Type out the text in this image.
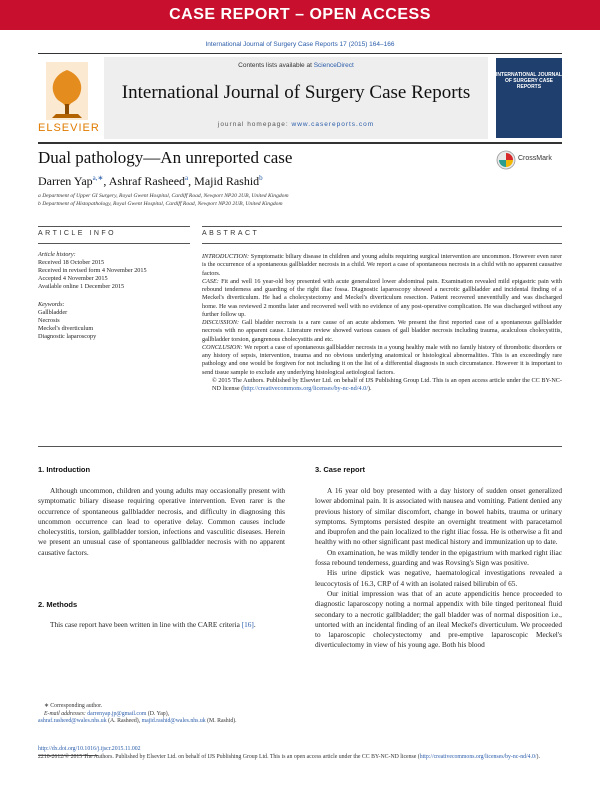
CASE REPORT – OPEN ACCESS
International Journal of Surgery Case Reports 17 (2015) 164–166
ELSEVIER
Contents lists available at ScienceDirect
International Journal of Surgery Case Reports
journal homepage: www.casereports.com
INTERNATIONAL JOURNAL OF SURGERY CASE REPORTS
Dual pathology—An unreported case	CrossMark
Darren Yap$^{a,∗}$, Ashraf Rasheed$^a$, Majid Rashid$^b$
a Department of Upper GI Surgery, Royal Gwent Hospital, Cardiff Road, Newport NP20 2UB, United Kingdom
b Department of Histopathology, Royal Gwent Hospital, Cardiff Road, Newport NP20 2UB, United Kingdom
ARTICLE INFO	ABSTRACT
Article history:
Received 18 October 2015
Received in revised form 4 November 2015
Accepted 4 November 2015
Available online 1 December 2015
Keywords:
Gallbladder
Necrosis
Meckel's diverticulum
Diagnostic laparoscopy
INTRODUCTION: Symptomatic biliary disease in children and young adults requiring surgical intervention are uncommon. However even rarer is the occurrence of a spontaneous gallbladder necrosis in a child. We report a case of spontaneous necrosis in a child with no apparent causative factors.
CASE: Fit and well 16 year-old boy presented with acute generalized lower abdominal pain. Examination revealed mild epigastric pain with rebound tenderness and guarding of the right iliac fossa. Diagnostic laparoscopy showed a necrotic gallbladder and incidental finding of a Meckel's diverticulum. He had a cholecystectomy and Meckel's diverticulum resection. Patient recovered uneventfully and was discharged home. He was reviewed 2 months later and recovered well with no evidence of any post-operative complication. He was discharged without any further follow up.
DISCUSSION: Gall bladder necrosis is a rare cause of an acute abdomen. We present the first reported case of a spontaneous gallbladder necrosis with no apparent cause. Literature review showed various causes of gall bladder necrosis including trauma, acalculous cholecystitis, gallbladder torsion, gangrenous cholecystitis and etc.
CONCLUSION: We report a case of spontaneous gallbladder necrosis in a young healthy male with no family history of thrombotic disorders or any history of sepsis, intervention, trauma and no obvious underlying anatomical or histological abnormalities. This is an exceedingly rare pathology and one would be forgiven for not including it on the list of a differential diagnosis in such circumstance. However it is important to send tissue sample to exclude any underlying histological aetiological factors.
© 2015 The Authors. Published by Elsevier Ltd. on behalf of IJS Publishing Group Ltd. This is an open access article under the CC BY-NC-ND license (http://creativecommons.org/licenses/by-nc-nd/4.0/).
1. Introduction

Although uncommon, children and young adults may occasionally present with symptomatic biliary disease requiring operative intervention. Even rarer is the occurrence of spontaneous gallbladder necrosis, and difficulty in diagnosing this uncommon occurrence can lead to operative delay. Common causes include cholecystitis, torsion, gallbladder torsion, infections and vasculitic diseases. Herein we present an unusual case of spontaneous gallbladder necrosis with no apparent causative factors.

2. Methods

This case report have been written in line with the CARE criteria [16].

∗ Corresponding author.
E-mail addresses: darrenyap.jp@gmail.com (D. Yap),
ashraf.rasheed@wales.nhs.uk (A. Rasheed), majid.rashid@wales.nhs.uk (M. Rashid).
http://dx.doi.org/10.1016/j.ijscr.2015.11.002
2210-2612/© 2015 The Authors. Published by Elsevier Ltd. on behalf of IJS Publishing Group Ltd. This is an open access article under the CC BY-NC-ND license (http://creativecommons.org/licenses/by-nc-nd/4.0/).
3. Case report

A 16 year old boy presented with a day history of sudden onset generalized lower abdominal pain. It is associated with nausea and vomiting. Patient denied any previous history of similar discomfort, change in bowel habits, trauma or urinary symptoms. Symptoms persisted despite an overnight treatment with paracetamol and ibuprofen and the pain localized to the right iliac fossa. He is otherwise a fit and healthy with no other significant past medical history and immunization up to date.

On examination, he was mildly tender in the epigastrium with marked right iliac fossa rebound tenderness, guarding and was Rovsing's Sign was positive.

His urine dipstick was negative, haematological investigations revealed a leucocytosis of 16.3, CRP of 4 with an isolated raised bilirubin of 65.

Our initial impression was that of an acute appendicitis hence proceeded to diagnostic laparoscopy noting a normal appendix with bile tinged peritoneal fluid secondary to a necrotic gallbladder; the gall bladder was of normal disposition i.e., untorted with an incidental finding of an ileal Meckel's diverticulum. We proceeded to laparoscopic cholecystectomy and pre-emptive laparoscopic Meckel's diverticulectomy in view of his young age. Both his blood
